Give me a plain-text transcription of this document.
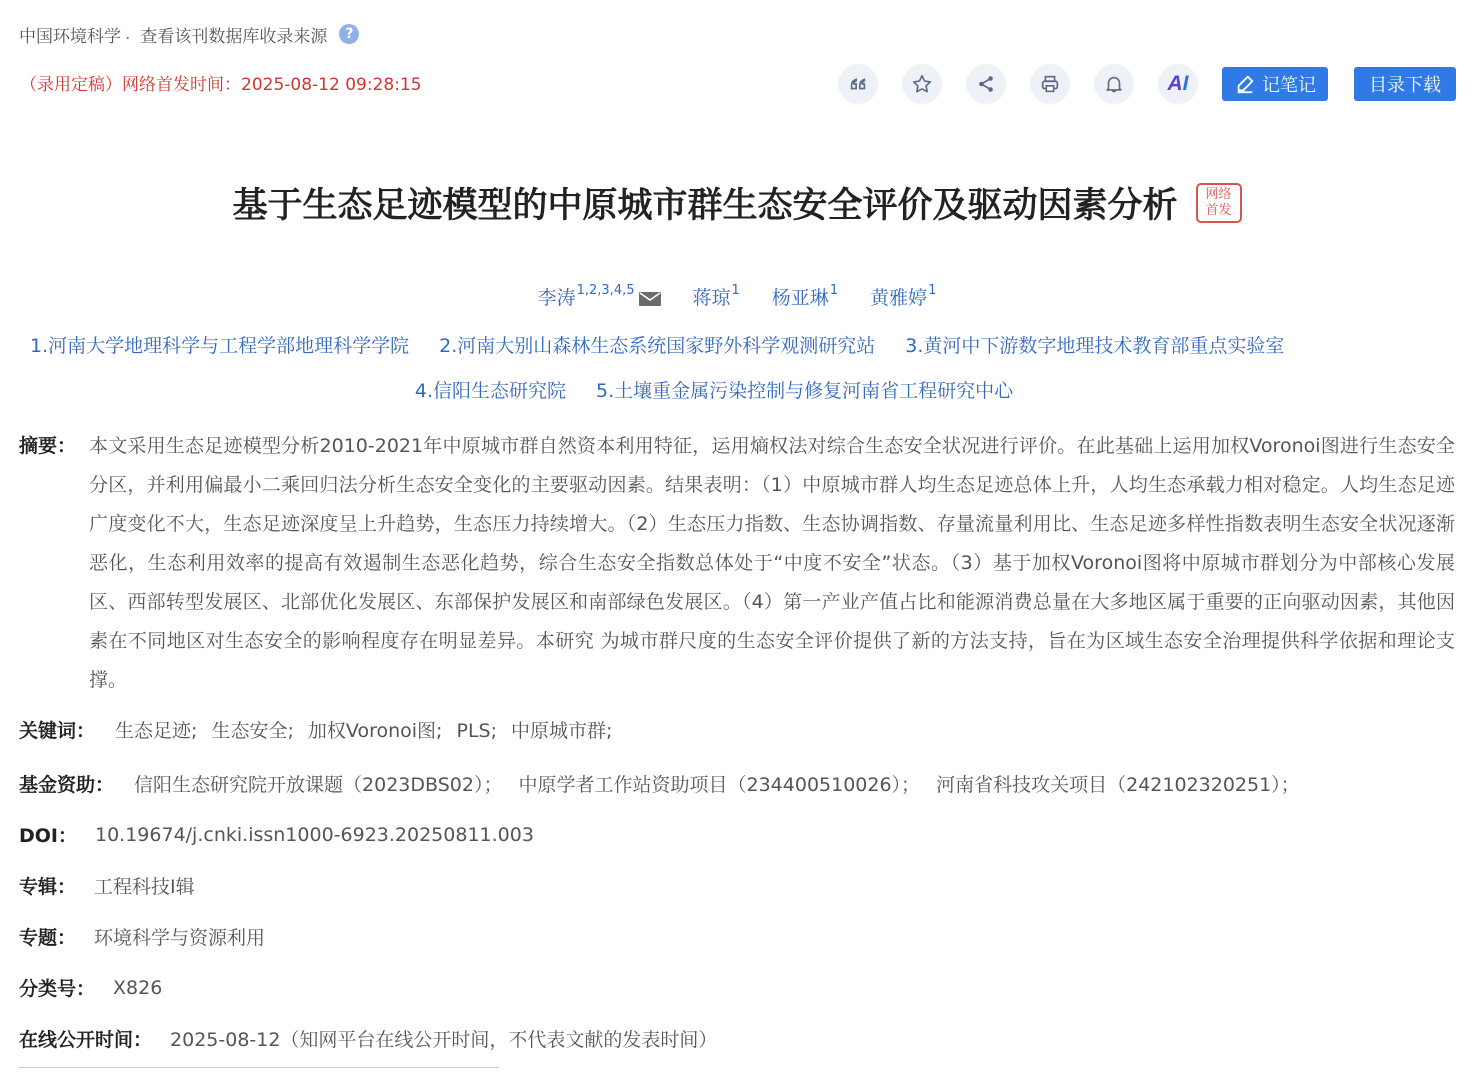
中国环境科学 . 查看该刊数据库收录来源	?
（录用定稿）网络首发时间：2025-08-12 09:28:15	A I	记笔记	目录下载
基于生态足迹模型的中原城市群生态安全评价及驱动因素分析 网络
首发
李涛$^{1,2,3,4,5}$	蒋琼$^1$ 杨亚琳$^1$ 黄雅婷$^1$
1.河南大学地理科学与工程学部地理科学学院 2.河南大别山森林生态系统国家野外科学观测研究站 3.黄河中下游数字地理技术教育部重点实验室
4.信阳生态研究院 5.土壤重金属污染控制与修复河南省工程研究中心
摘要： 本文采用生态足迹模型分析2010-2021年中原城市群自然资本利用特征，运用熵权法对综合生态安全状况进行评价。在此基础上运用加权Voronoi图进行生态安全分区，并利用偏最小二乘回归法分析生态安全变化的主要驱动因素。结果表明：（1）中原城市群人均生态足迹总体上升，人均生态承载力相对稳定。人均生态足迹广度变化不大，生态足迹深度呈上升趋势，生态压力持续增大。（2）生态压力指数、生态协调指数、存量流量利用比、生态足迹多样性指数表明生态安全状况逐渐恶化，生态利用效率的提高有效遏制生态恶化趋势，综合生态安全指数总体处于“中度不安全”状态。（3）基于加权Voronoi图将中原城市群划分为中部核心发展区、西部转型发展区、北部优化发展区、东部保护发展区和南部绿色发展区。（4）第一产业产值占比和能源消费总量在大多地区属于重要的正向驱动因素，其他因素在不同地区对生态安全的影响程度存在明显差异。本研究 为城市群尺度的生态安全评价提供了新的方法支持，旨在为区域生态安全治理提供科学依据和理论支撑。
关键词： 生态足迹; 生态安全; 加权Voronoi图; PLS; 中原城市群;
基金资助： 信阳生态研究院开放课题（2023DBS02）； 中原学者工作站资助项目（234400510026）； 河南省科技攻关项目（242102320251）；
DOI： 10.19674/j.cnki.issn1000-6923.20250811.003
专辑： 工程科技Ⅰ辑
专题： 环境科学与资源利用
分类号： X826
在线公开时间： 2025-08-12（知网平台在线公开时间，不代表文献的发表时间）
